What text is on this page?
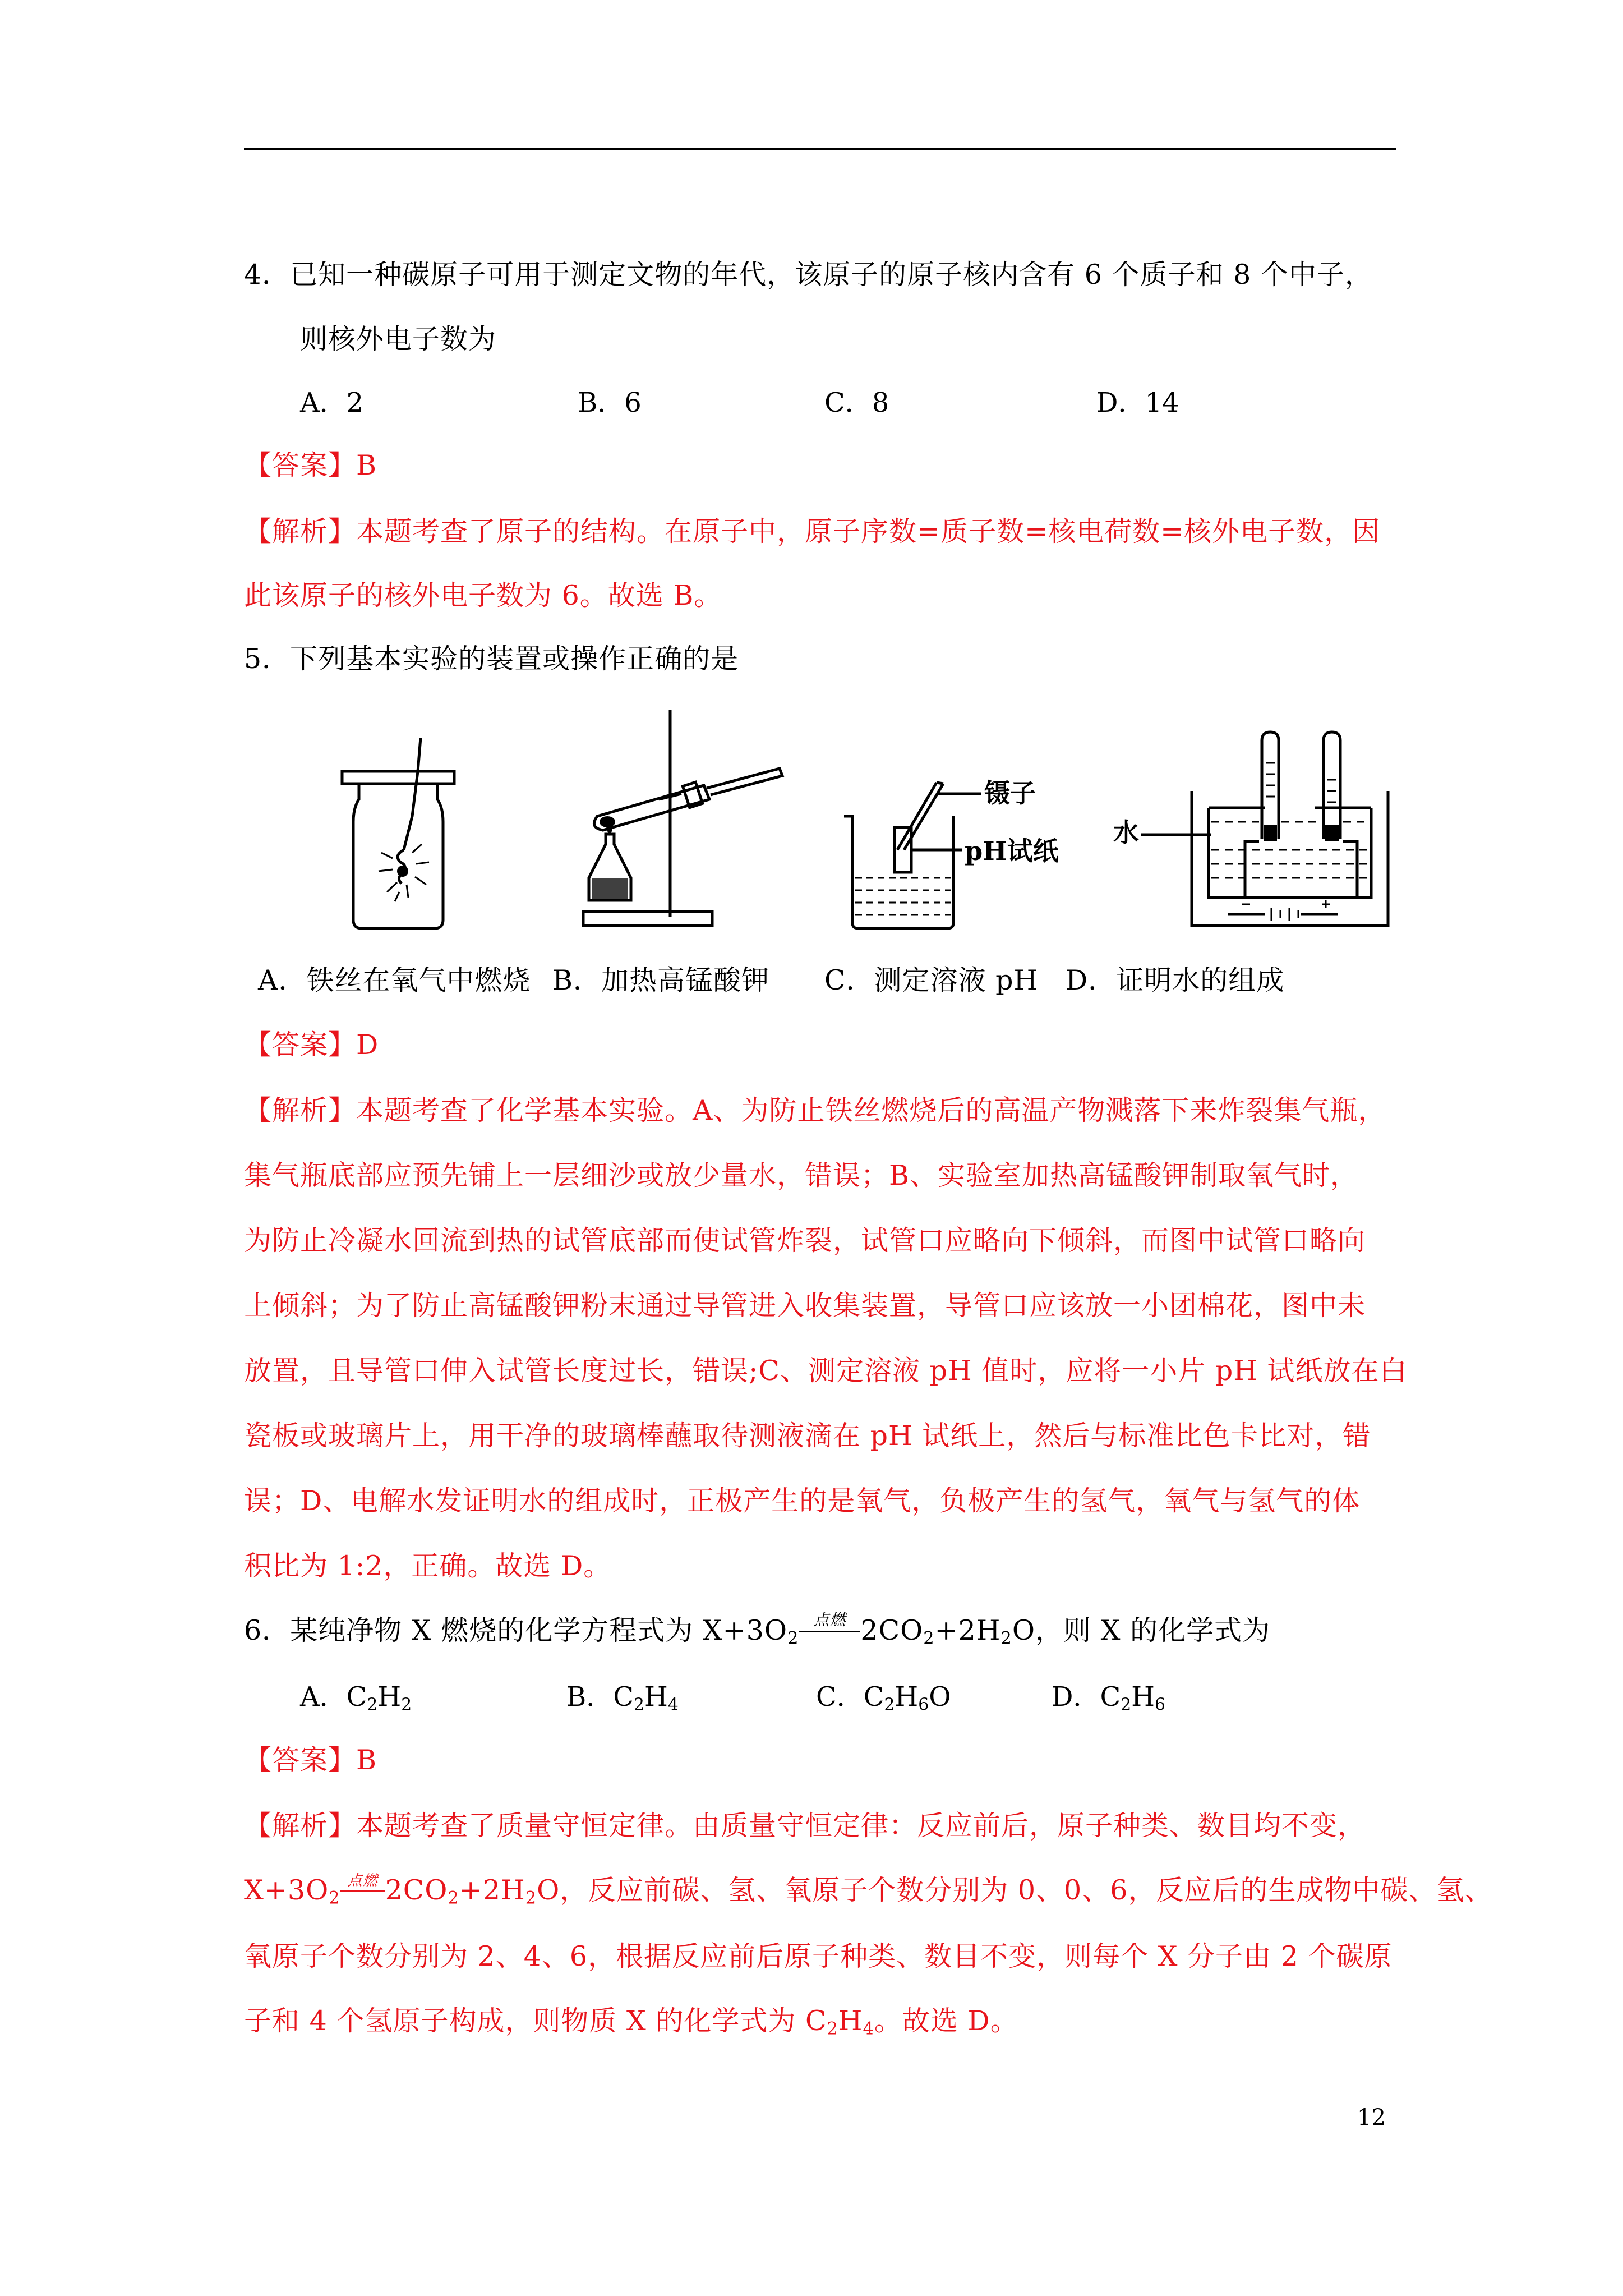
4．已知一种碳原子可用于测定文物的年代，该原子的原子核内含有 6 个质子和 8 个中子，
则核外电子数为
A．2	B．6	C．8	D．14
【答案】B
【解析】本题考查了原子的结构。在原子中，原子序数=质子数=核电荷数=核外电子数，因
此该原子的核外电子数为 6。故选 B。
5．下列基本实验的装置或操作正确的是
镊子
pH试纸
水
A．铁丝在氧气中燃烧 B．加热高锰酸钾 C．测定溶液 pH D．证明水的组成
【答案】D
【解析】本题考查了化学基本实验。A、为防止铁丝燃烧后的高温产物溅落下来炸裂集气瓶，
集气瓶底部应预先铺上一层细沙或放少量水，错误；B、实验室加热高锰酸钾制取氧气时，
为防止冷凝水回流到热的试管底部而使试管炸裂，试管口应略向下倾斜，而图中试管口略向
上倾斜；为了防止高锰酸钾粉末通过导管进入收集装置，导管口应该放一小团棉花，图中未
放置，且导管口伸入试管长度过长，错误;C、测定溶液 pH 值时，应将一小片 pH 试纸放在白
瓷板或玻璃片上，用干净的玻璃棒蘸取待测液滴在 pH 试纸上，然后与标准比色卡比对，错
误；D、电解水发证明水的组成时，正极产生的是氧气，负极产生的氢气，氧气与氢气的体
积比为 1:2，正确。故选 D。
6．某纯净物 X 燃烧的化学方程式为 $X+3O_2$
点燃 $2CO_2+2H_2O$，则 X 的化学式为
A．$C_2H_2$	B．$C_2H_4$	C．$C_2H_6O$	D．$C_2H_6$
【答案】B
【解析】本题考查了质量守恒定律。由质量守恒定律：反应前后，原子种类、数目均不变，
$X+3O_2$
点燃 $2CO_2+2H_2O$，反应前碳、氢、氧原子个数分别为 0、0、6，反应后的生成物中碳、氢、
氧原子个数分别为 2、4、6，根据反应前后原子种类、数目不变，则每个 X 分子由 2 个碳原
子和 4 个氢原子构成，则物质 X 的化学式为 $C_2H_4$。故选 D。
12
